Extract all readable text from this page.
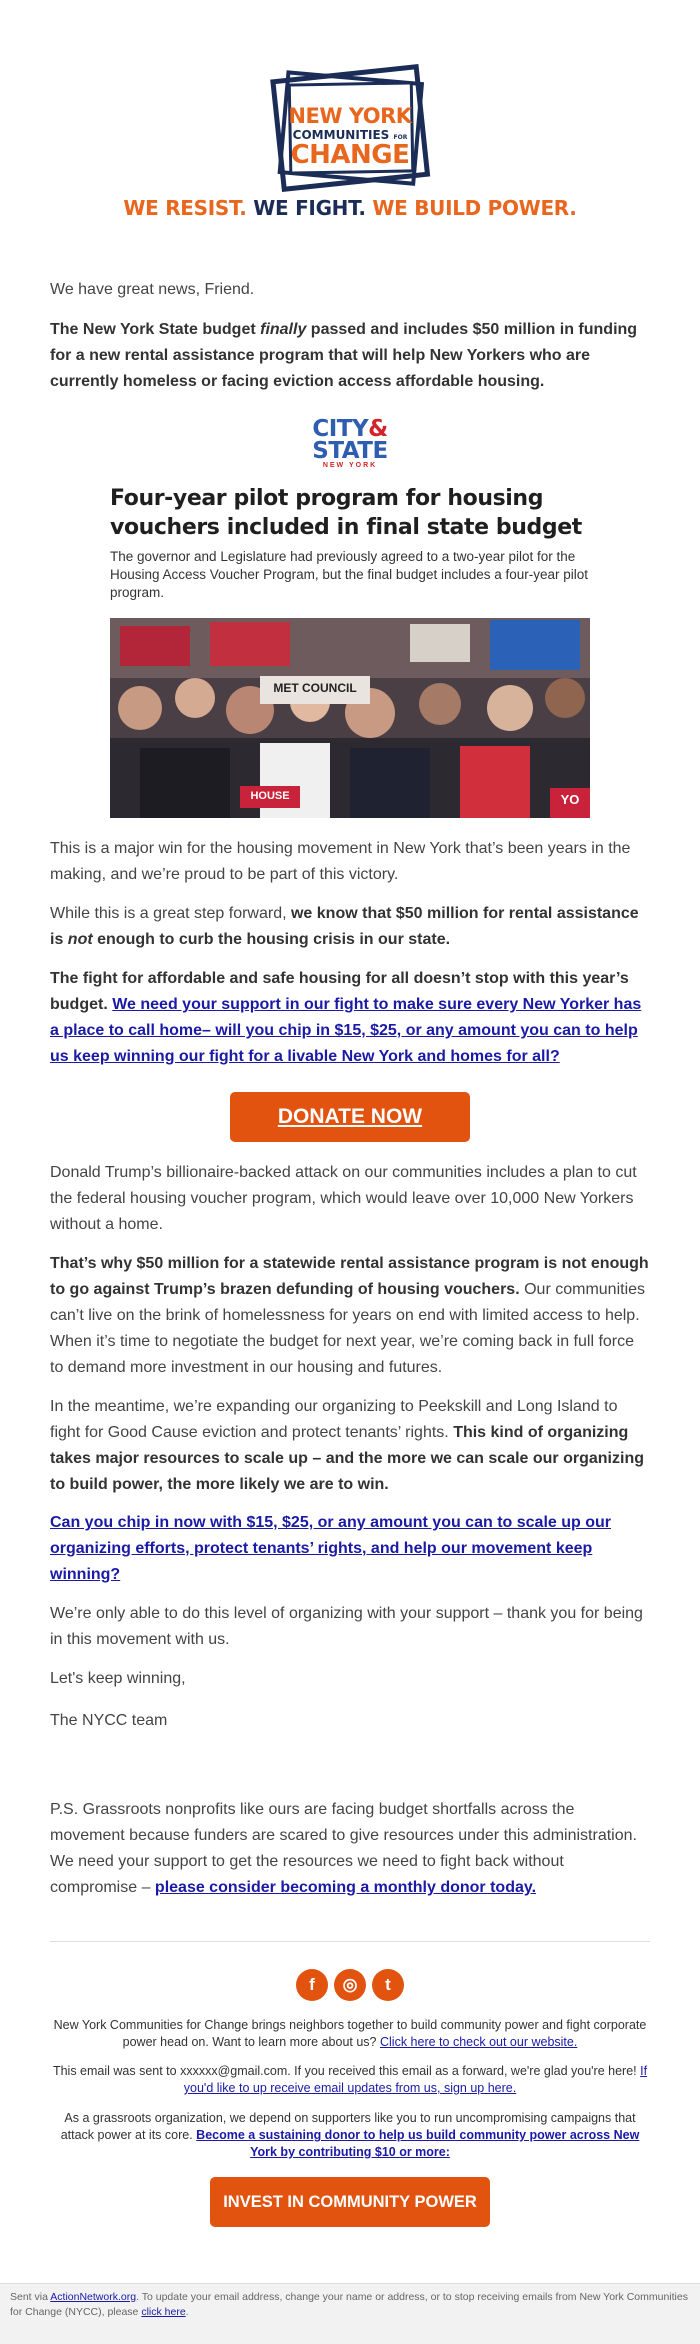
NEW YORK
COMMUNITIES FOR
CHANGE
WE RESIST. WE FIGHT. WE BUILD POWER.

We have great news, Friend.

The New York State budget finally passed and includes $50 million in funding for a new rental assistance program that will help New Yorkers who are currently homeless or facing eviction access affordable housing.

CITY&
STATE
NEW YORK
Four-year pilot program for housing vouchers included in final state budget
The governor and Legislature had previously agreed to a two-year pilot for the Housing Access Voucher Program, but the final budget includes a four-year pilot program.
MET COUNCIL
HOUSE	YO

This is a major win for the housing movement in New York that’s been years in the making, and we’re proud to be part of this victory.

While this is a great step forward, we know that $50 million for rental assistance is not enough to curb the housing crisis in our state.

The fight for affordable and safe housing for all doesn’t stop with this year’s budget. We need your support in our fight to make sure every New Yorker has a place to call home– will you chip in $15, $25, or any amount you can to help us keep winning our fight for a livable New York and homes for all?

DONATE NOW

Donald Trump’s billionaire-backed attack on our communities includes a plan to cut the federal housing voucher program, which would leave over 10,000 New Yorkers without a home.

That’s why $50 million for a statewide rental assistance program is not enough to go against Trump’s brazen defunding of housing vouchers. Our communities can’t live on the brink of homelessness for years on end with limited access to help. When it’s time to negotiate the budget for next year, we’re coming back in full force to demand more investment in our housing and futures.

In the meantime, we’re expanding our organizing to Peekskill and Long Island to fight for Good Cause eviction and protect tenants’ rights. This kind of organizing takes major resources to scale up – and the more we can scale our organizing to build power, the more likely we are to win.

Can you chip in now with $15, $25, or any amount you can to scale up our organizing efforts, protect tenants’ rights, and help our movement keep winning?

We’re only able to do this level of organizing with your support – thank you for being in this movement with us.

Let's keep winning,

The NYCC team

P.S. Grassroots nonprofits like ours are facing budget shortfalls across the movement because funders are scared to give resources under this administration. We need your support to get the resources we need to fight back without compromise – please consider becoming a monthly donor today.

f	◎	t
New York Communities for Change brings neighbors together to build community power and fight corporate power head on. Want to learn more about us? Click here to check out our website.
This email was sent to xxxxxx@gmail.com. If you received this email as a forward, we're glad you're here! If you'd like to up receive email updates from us, sign up here.
As a grassroots organization, we depend on supporters like you to run uncompromising campaigns that attack power at its core. Become a sustaining donor to help us build community power across New York by contributing $10 or more:
INVEST IN COMMUNITY POWER
Sent via ActionNetwork.org. To update your email address, change your name or address, or to stop receiving emails from New York Communities for Change (NYCC), please click here.
